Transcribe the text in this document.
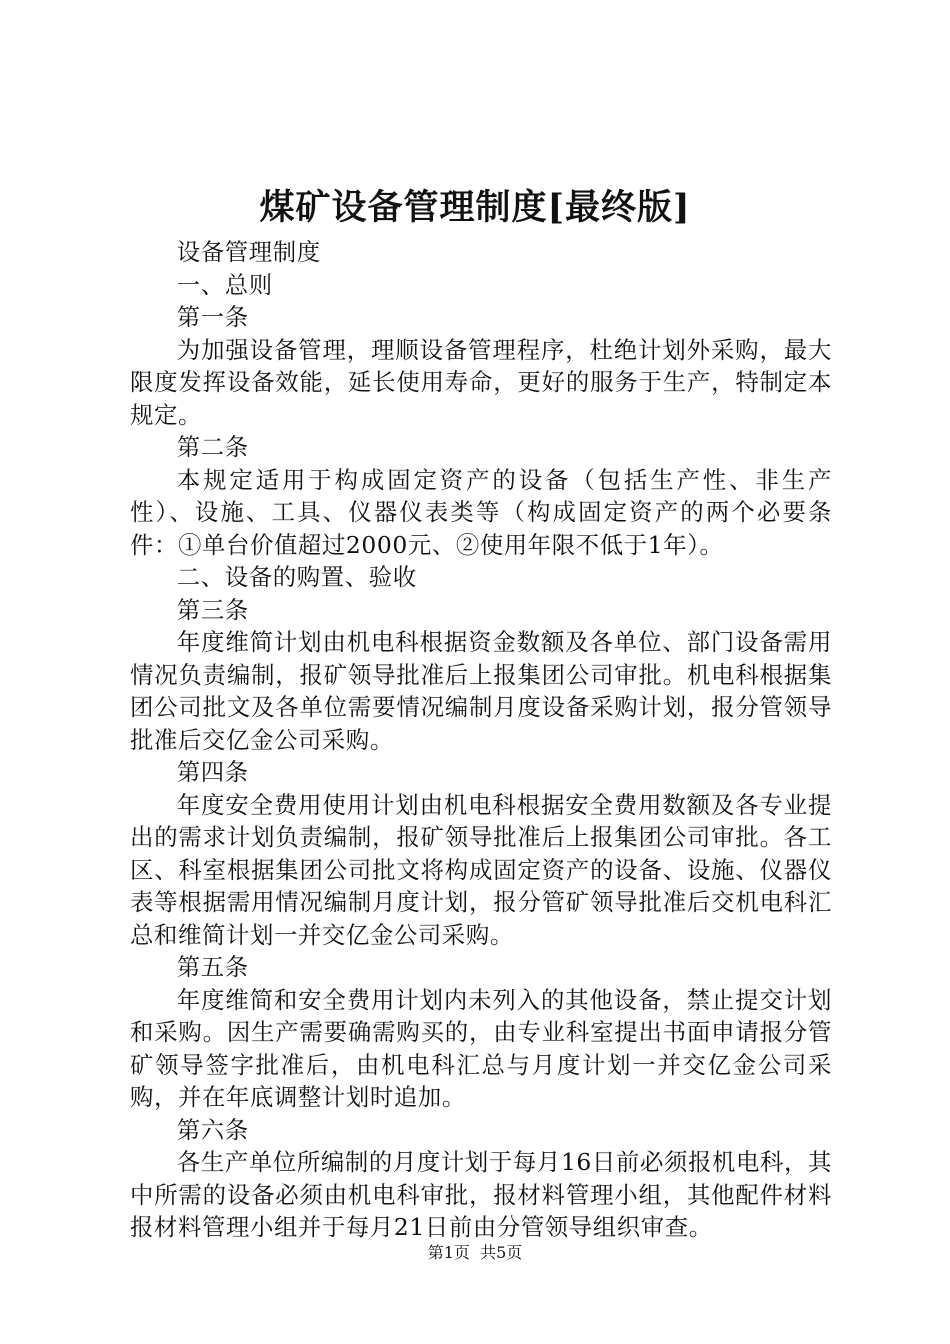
煤矿设备管理制度[最终版]

设备管理制度

一、总则

第一条

为加强设备管理，理顺设备管理程序，杜绝计划外采购，最大限度发挥设备效能，延长使用寿命，更好的服务于生产，特制定本规定。

第二条

本规定适用于构成固定资产的设备（包括生产性、非生产性）、设施、工具、仪器仪表类等（构成固定资产的两个必要条件：①单台价值超过2000元、②使用年限不低于1年）。

二、设备的购置、验收

第三条

年度维简计划由机电科根据资金数额及各单位、部门设备需用情况负责编制，报矿领导批准后上报集团公司审批。机电科根据集团公司批文及各单位需要情况编制月度设备采购计划，报分管领导批准后交亿金公司采购。

第四条

年度安全费用使用计划由机电科根据安全费用数额及各专业提出的需求计划负责编制，报矿领导批准后上报集团公司审批。各工区、科室根据集团公司批文将构成固定资产的设备、设施、仪器仪表等根据需用情况编制月度计划，报分管矿领导批准后交机电科汇总和维简计划一并交亿金公司采购。

第五条

年度维简和安全费用计划内未列入的其他设备，禁止提交计划和采购。因生产需要确需购买的，由专业科室提出书面申请报分管矿领导签字批准后，由机电科汇总与月度计划一并交亿金公司采购，并在年底调整计划时追加。

第六条

各生产单位所编制的月度计划于每月16日前必须报机电科，其中所需的设备必须由机电科审批，报材料管理小组，其他配件材料报材料管理小组并于每月21日前由分管领导组织审查。

第1页 共5页
